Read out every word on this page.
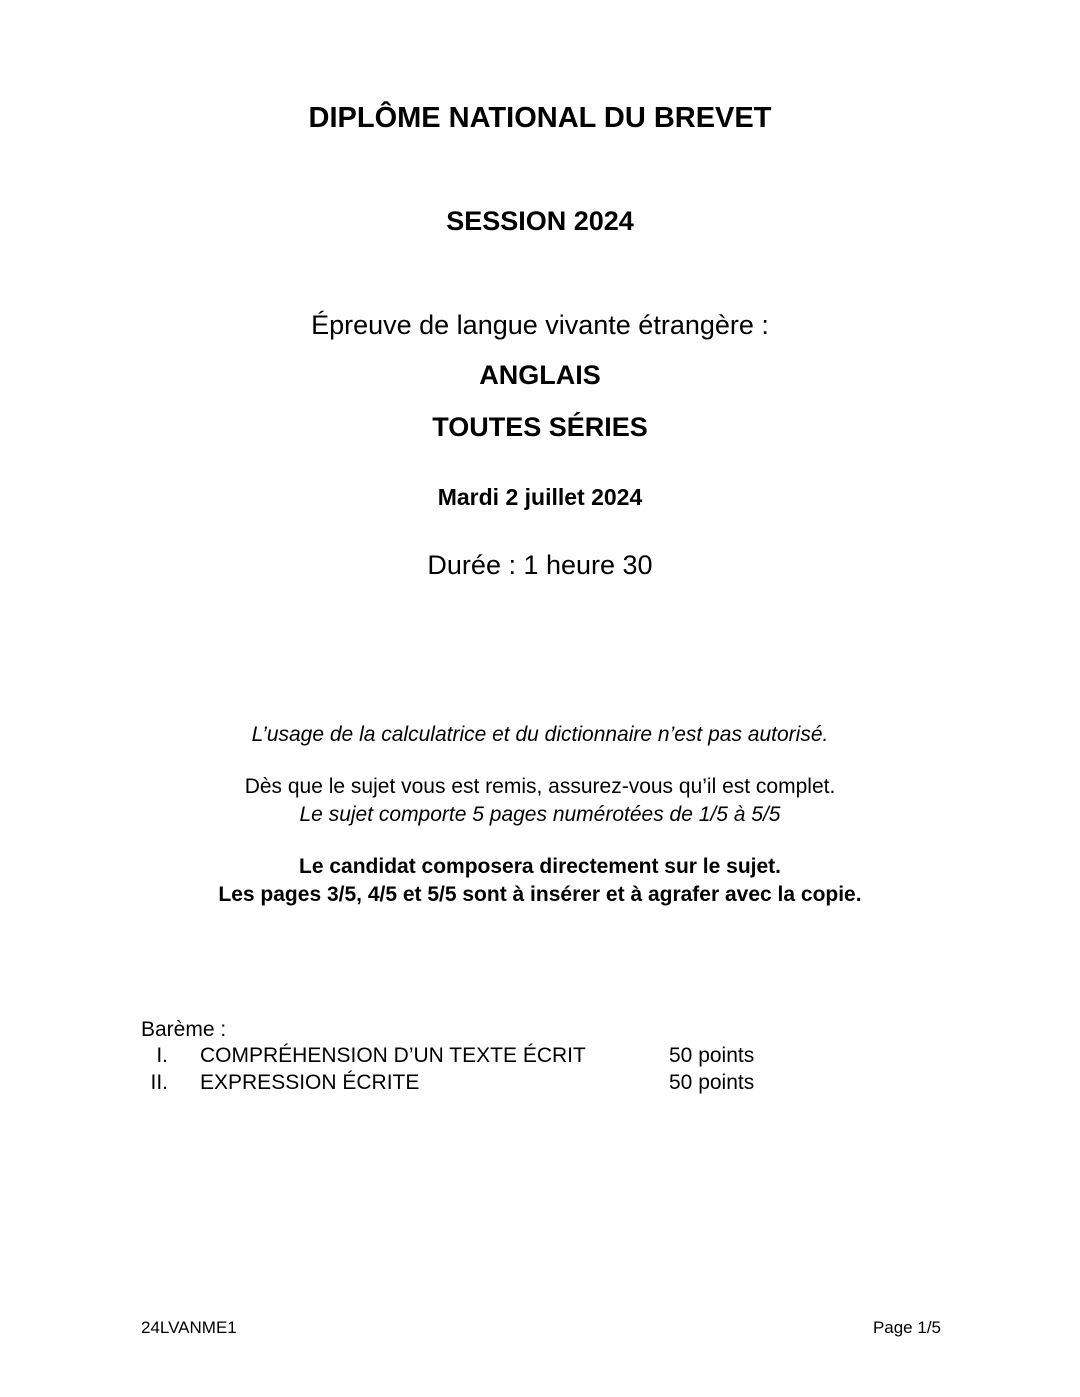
DIPLÔME NATIONAL DU BREVET
SESSION 2024
Épreuve de langue vivante étrangère :
ANGLAIS
TOUTES SÉRIES
Mardi 2 juillet 2024
Durée : 1 heure 30
L’usage de la calculatrice et du dictionnaire n’est pas autorisé.
Dès que le sujet vous est remis, assurez-vous qu’il est complet.
Le sujet comporte 5 pages numérotées de 1/5 à 5/5
Le candidat composera directement sur le sujet.
Les pages 3/5, 4/5 et 5/5 sont à insérer et à agrafer avec la copie.
Barème :
I. COMPRÉHENSION D’UN TEXTE ÉCRIT	50 points
II. EXPRESSION ÉCRITE	50 points
24LVANME1	Page 1/5
